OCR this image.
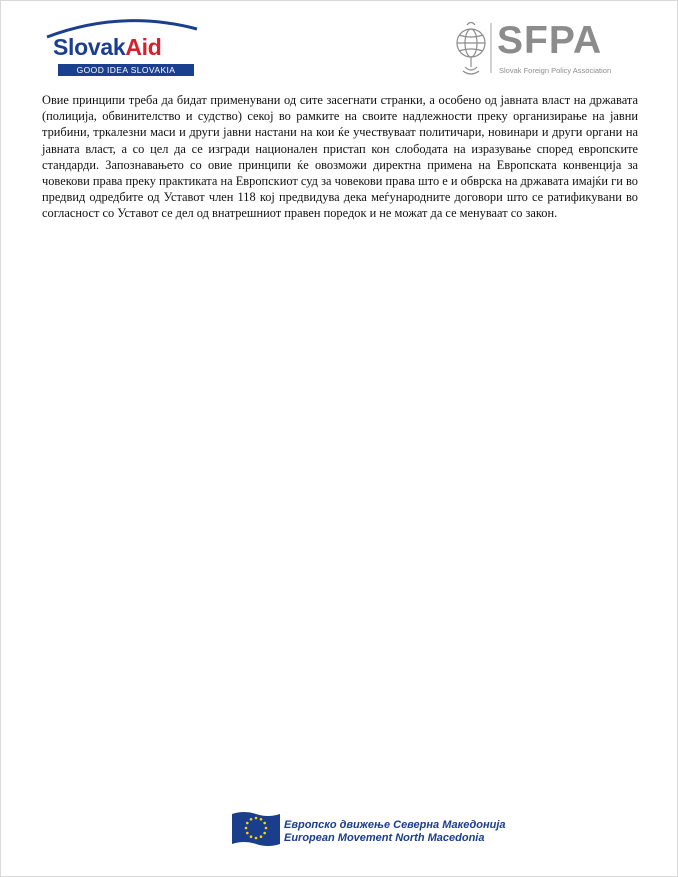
SlovakAid
GOOD IDEA SLOVAKIA
SFPA
Slovak Foreign Policy Association

Овие принципи треба да бидат применувани од сите засегнати странки, а особено од јавната власт на државата (полиција, обвинителство и судство) секој во рамките на своите надлежности преку организирање на јавни трибини, тркалезни маси и други јавни настани на кои ќе учествуваат политичари, новинари и други органи на јавната власт, а со цел да се изгради национален пристап кон слободата на изразување според европските стандарди. Запознавањето со овие принципи ќе овозможи директна примена на Европската конвенција за човекови права преку практиката на Европскиот суд за човекови права што е и обврска на државата имајќи ги во предвид одредбите од Уставот член 118 кој предвидува дека меѓународните договори што се ратификувани во согласност со Уставот се дел од внатрешниот правен поредок и не можат да се менуваат со закон.

Европско движење Северна Македонија
European Movement North Macedonia
